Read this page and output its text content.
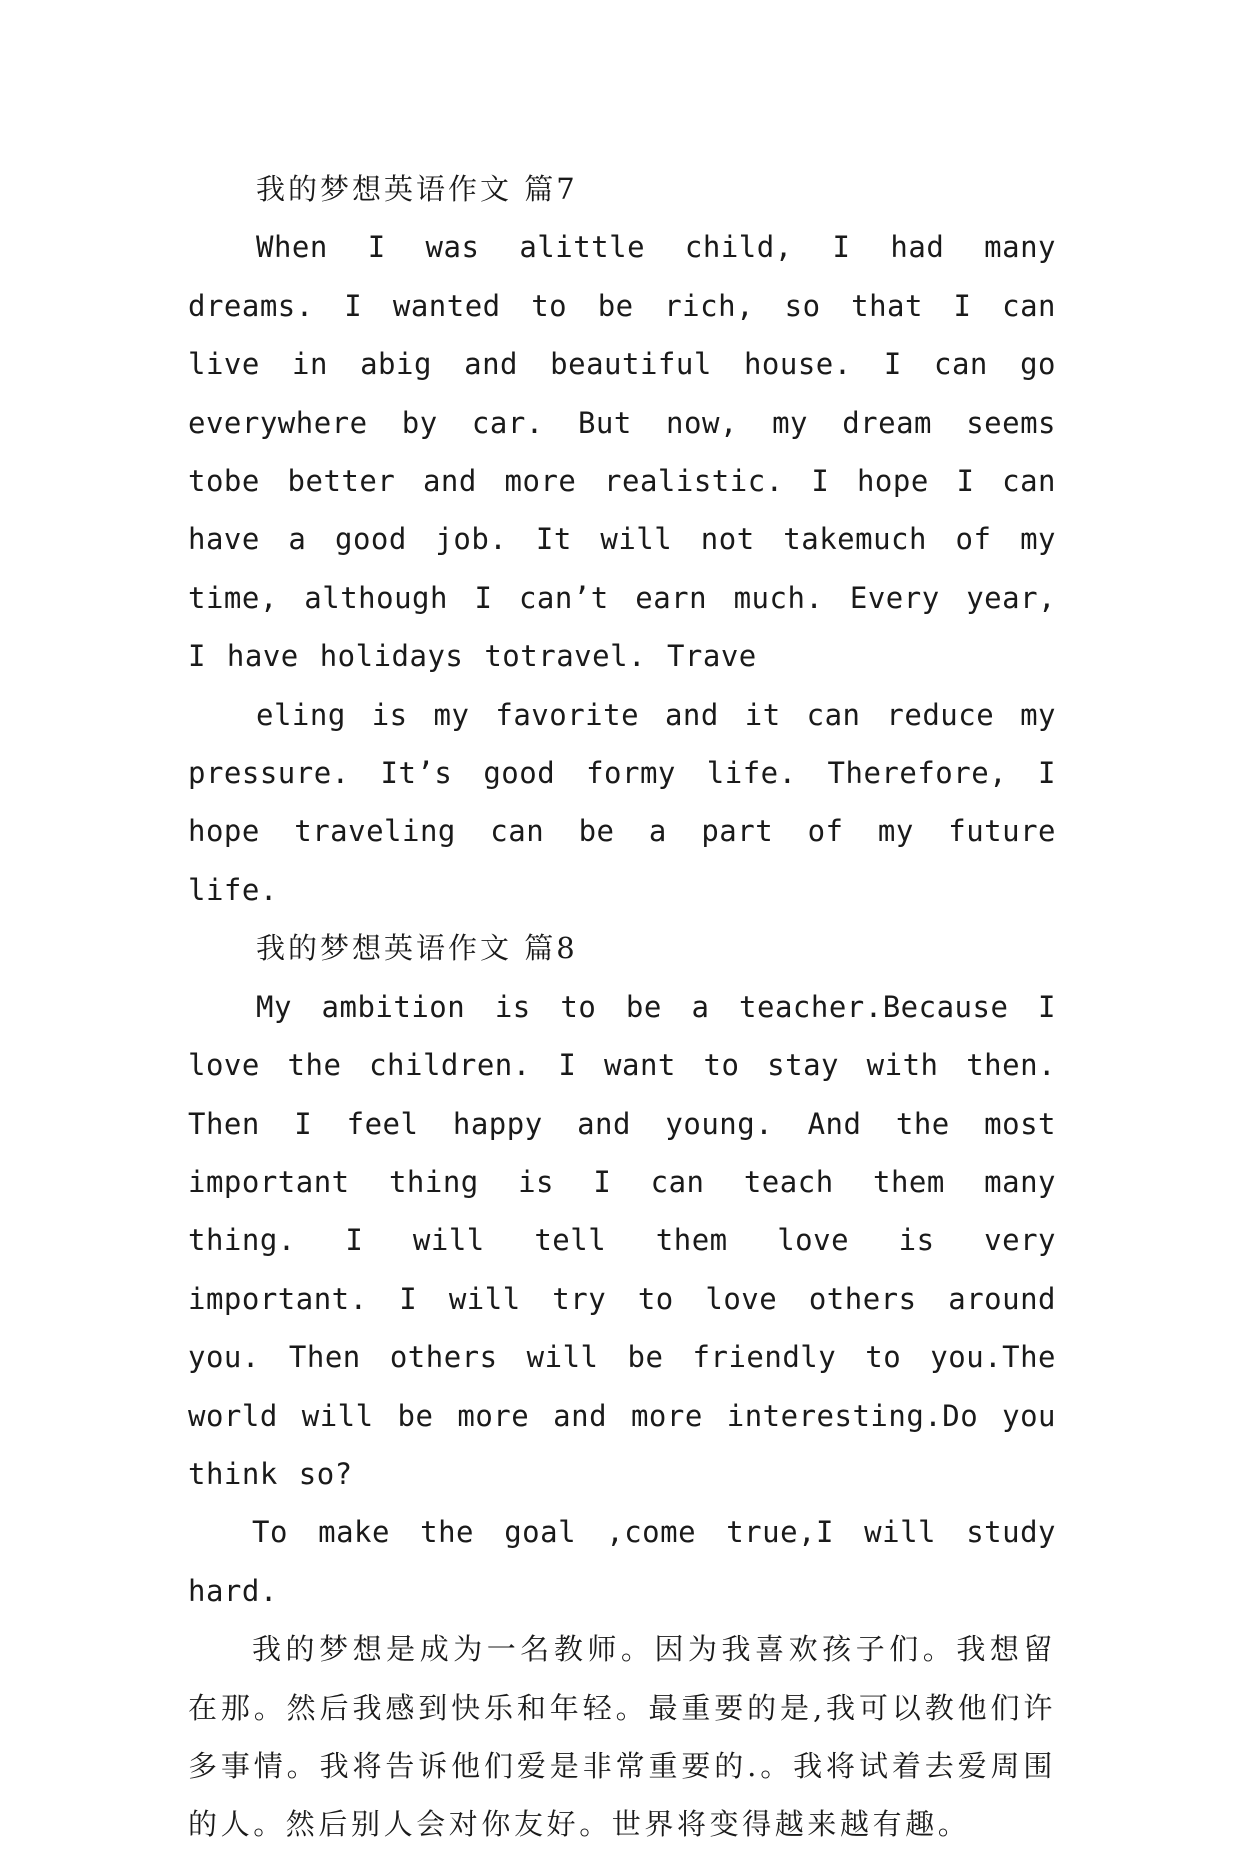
我的梦想英语作文 篇7

When I was alittle child, I had many dreams. I wanted to be rich, so that I can live in abig and beautiful house. I can go everywhere by car. But now, my dream seems tobe better and more realistic. I hope I can have a good job. It will not takemuch of my time, although I can’t earn much. Every year, I have holidays totravel. Trave

eling is my favorite and it can reduce my pressure. It’s good formy life. Therefore, I hope traveling can be a part of my future life.

我的梦想英语作文 篇8

My ambition is to be a teacher.Because I love the children. I want to stay with then. Then I feel happy and young. And the most important thing is I can teach them many thing. I will tell them love is very important. I will try to love others around you. Then others will be friendly to you.The world will be more and more interesting.Do you think so?

To make the goal ,come true,I will study hard.

我的梦想是成为一名教师。因为我喜欢孩子们。我想留在那。然后我感到快乐和年轻。最重要的是,我可以教他们许多事情。我将告诉他们爱是非常重要的.。我将试着去爱周围的人。然后别人会对你友好。世界将变得越来越有趣。
